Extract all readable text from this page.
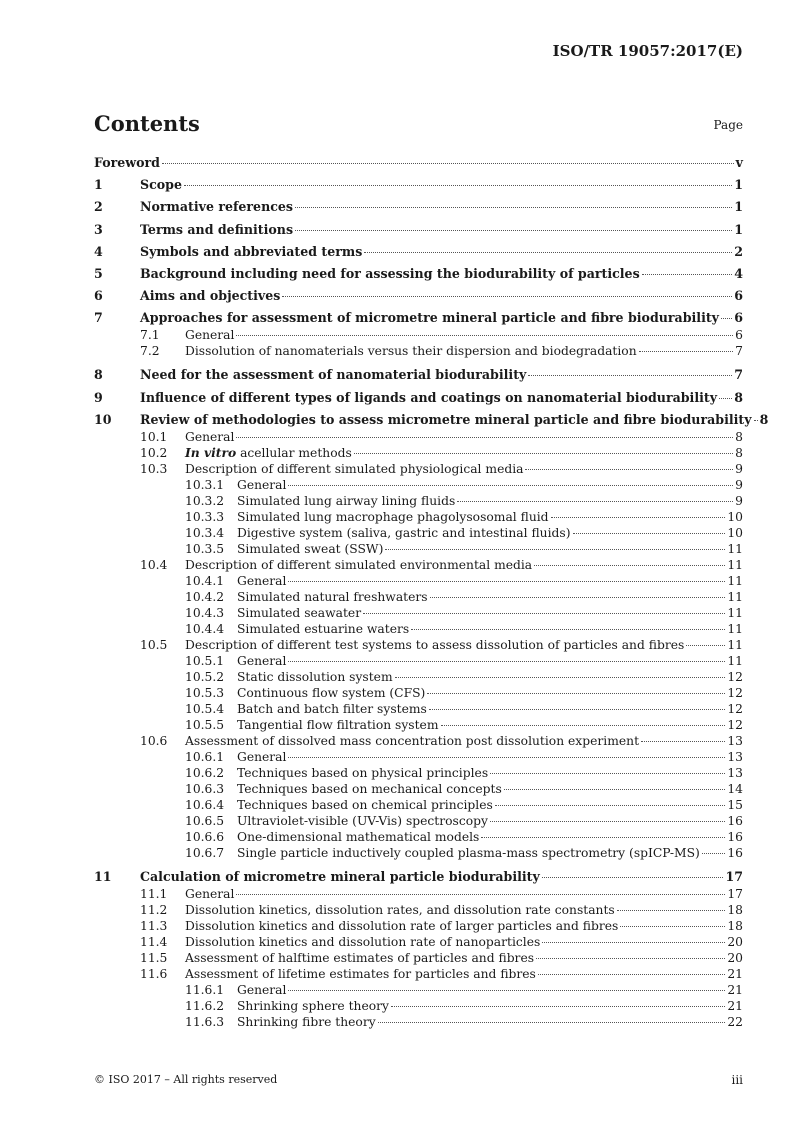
ISO/TR 19057:2017(E)
Contents	Page
Foreword	v
1	Scope	1
2	Normative references	1
3	Terms and definitions	1
4	Symbols and abbreviated terms	2
5	Background including need for assessing the biodurability of particles	4
6	Aims and objectives	6
7	Approaches for assessment of micrometre mineral particle and fibre biodurability 6
7.1	General	6
7.2	Dissolution of nanomaterials versus their dispersion and biodegradation	7
8	Need for the assessment of nanomaterial biodurability	7
9	Influence of different types of ligands and coatings on nanomaterial biodurability 8
10	Review of methodologies to assess micrometre mineral particle and fibre biodurability 8
10.1	General	8
10.2	In vitro acellular methods	8
10.3	Description of different simulated physiological media	9
10.3.1	General	9
10.3.2	Simulated lung airway lining fluids	9
10.3.3	Simulated lung macrophage phagolysosomal fluid	10
10.3.4	Digestive system (saliva, gastric and intestinal fluids)	10
10.3.5	Simulated sweat (SSW)	11
10.4	Description of different simulated environmental media	11
10.4.1	General	11
10.4.2	Simulated natural freshwaters	11
10.4.3	Simulated seawater	11
10.4.4	Simulated estuarine waters	11
10.5	Description of different test systems to assess dissolution of particles and fibres	11
10.5.1	General	11
10.5.2	Static dissolution system	12
10.5.3	Continuous flow system (CFS)	12
10.5.4	Batch and batch filter systems	12
10.5.5	Tangential flow filtration system	12
10.6	Assessment of dissolved mass concentration post dissolution experiment	13
10.6.1	General	13
10.6.2	Techniques based on physical principles	13
10.6.3	Techniques based on mechanical concepts	14
10.6.4	Techniques based on chemical principles	15
10.6.5	Ultraviolet-visible (UV-Vis) spectroscopy	16
10.6.6	One-dimensional mathematical models	16
10.6.7	Single particle inductively coupled plasma-mass spectrometry (spICP-MS) 16
11	Calculation of micrometre mineral particle biodurability	17
11.1	General	17
11.2	Dissolution kinetics, dissolution rates, and dissolution rate constants	18
11.3	Dissolution kinetics and dissolution rate of larger particles and fibres	18
11.4	Dissolution kinetics and dissolution rate of nanoparticles	20
11.5	Assessment of halftime estimates of particles and fibres	20
11.6	Assessment of lifetime estimates for particles and fibres	21
11.6.1	General	21
11.6.2	Shrinking sphere theory	21
11.6.3	Shrinking fibre theory	22
© ISO 2017 – All rights reserved	iii
